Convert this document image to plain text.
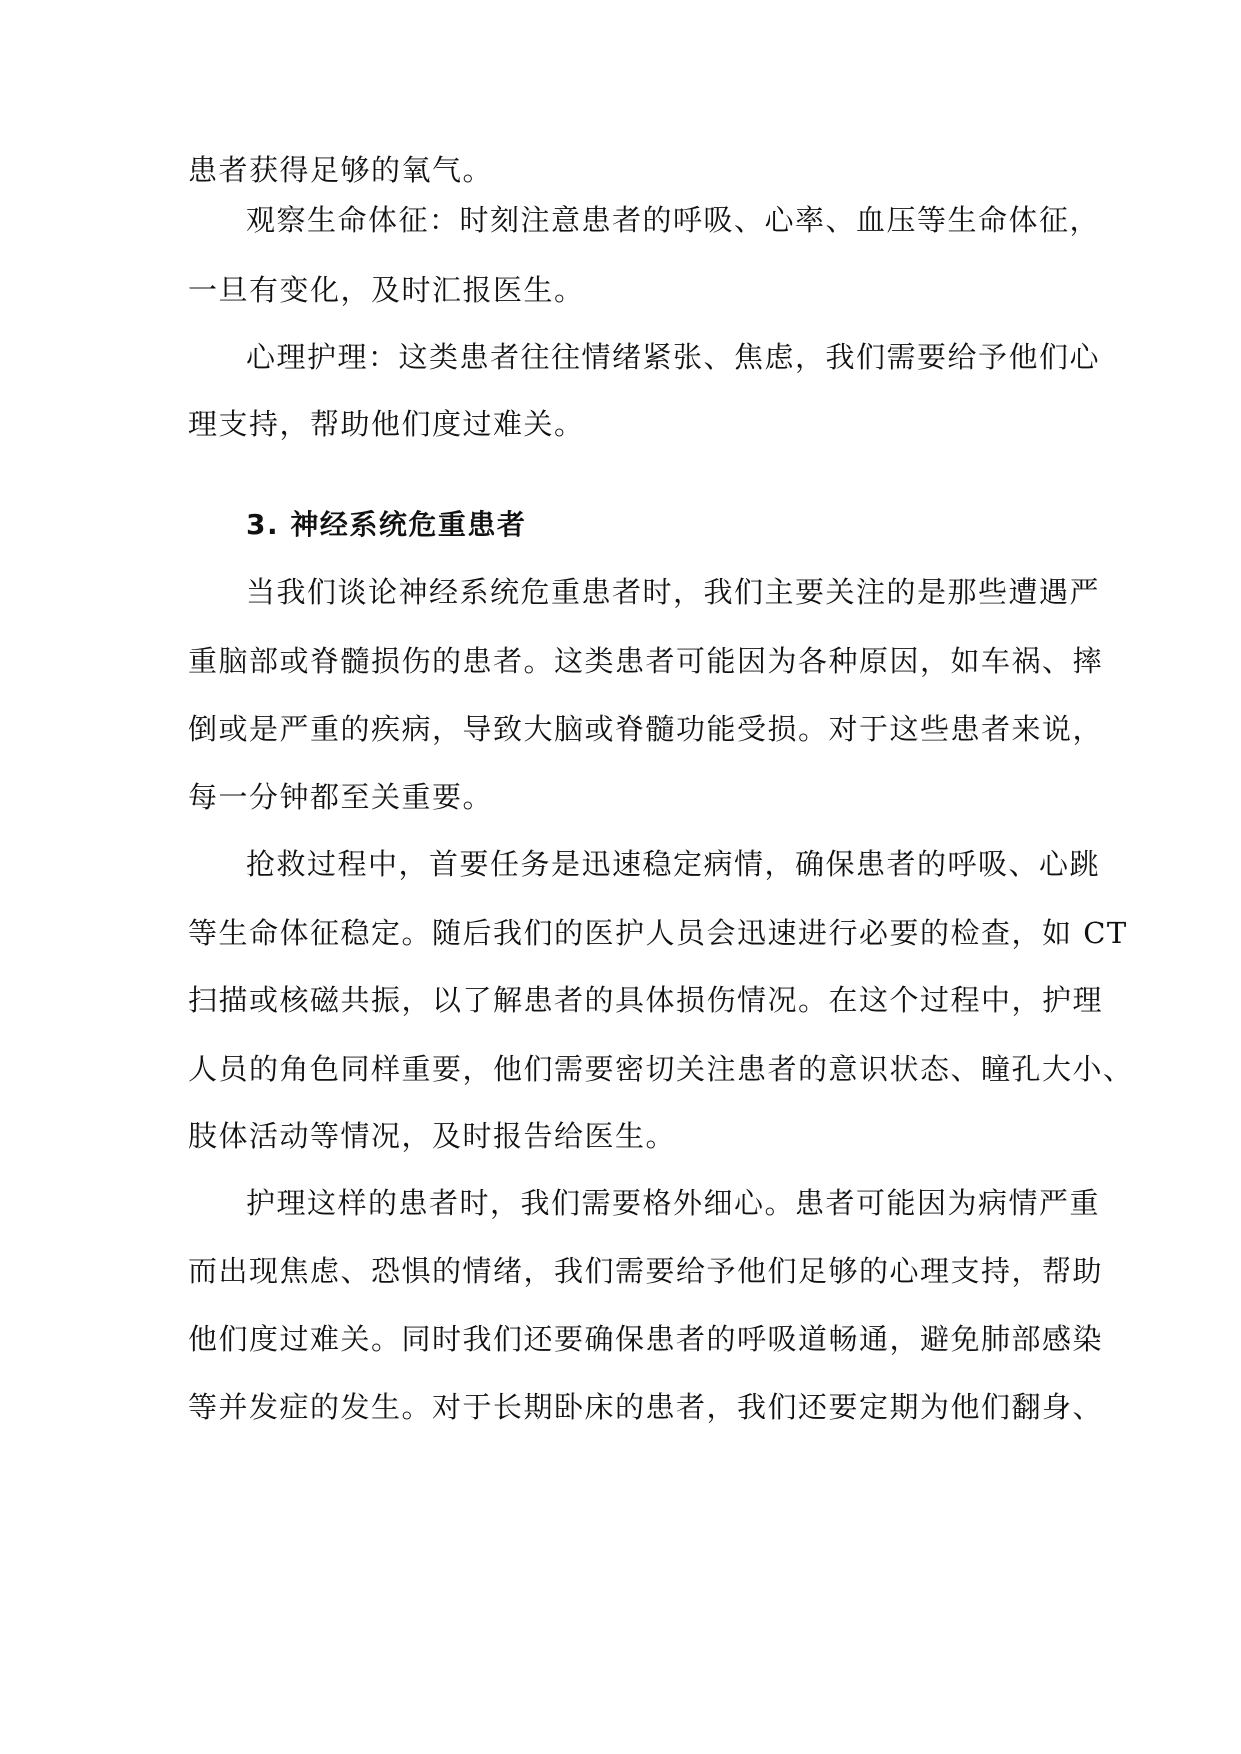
患者获得足够的氧气。
观察生命体征：时刻注意患者的呼吸、心率、血压等生命体征，
一旦有变化，及时汇报医生。
心理护理：这类患者往往情绪紧张、焦虑，我们需要给予他们心
理支持，帮助他们度过难关。
3. 神经系统危重患者
当我们谈论神经系统危重患者时，我们主要关注的是那些遭遇严
重脑部或脊髓损伤的患者。这类患者可能因为各种原因，如车祸、摔
倒或是严重的疾病，导致大脑或脊髓功能受损。对于这些患者来说，
每一分钟都至关重要。
抢救过程中，首要任务是迅速稳定病情，确保患者的呼吸、心跳
等生命体征稳定。随后我们的医护人员会迅速进行必要的检查，如 CT
扫描或核磁共振，以了解患者的具体损伤情况。在这个过程中，护理
人员的角色同样重要，他们需要密切关注患者的意识状态、瞳孔大小、
肢体活动等情况，及时报告给医生。
护理这样的患者时，我们需要格外细心。患者可能因为病情严重
而出现焦虑、恐惧的情绪，我们需要给予他们足够的心理支持，帮助
他们度过难关。同时我们还要确保患者的呼吸道畅通，避免肺部感染
等并发症的发生。对于长期卧床的患者，我们还要定期为他们翻身、
